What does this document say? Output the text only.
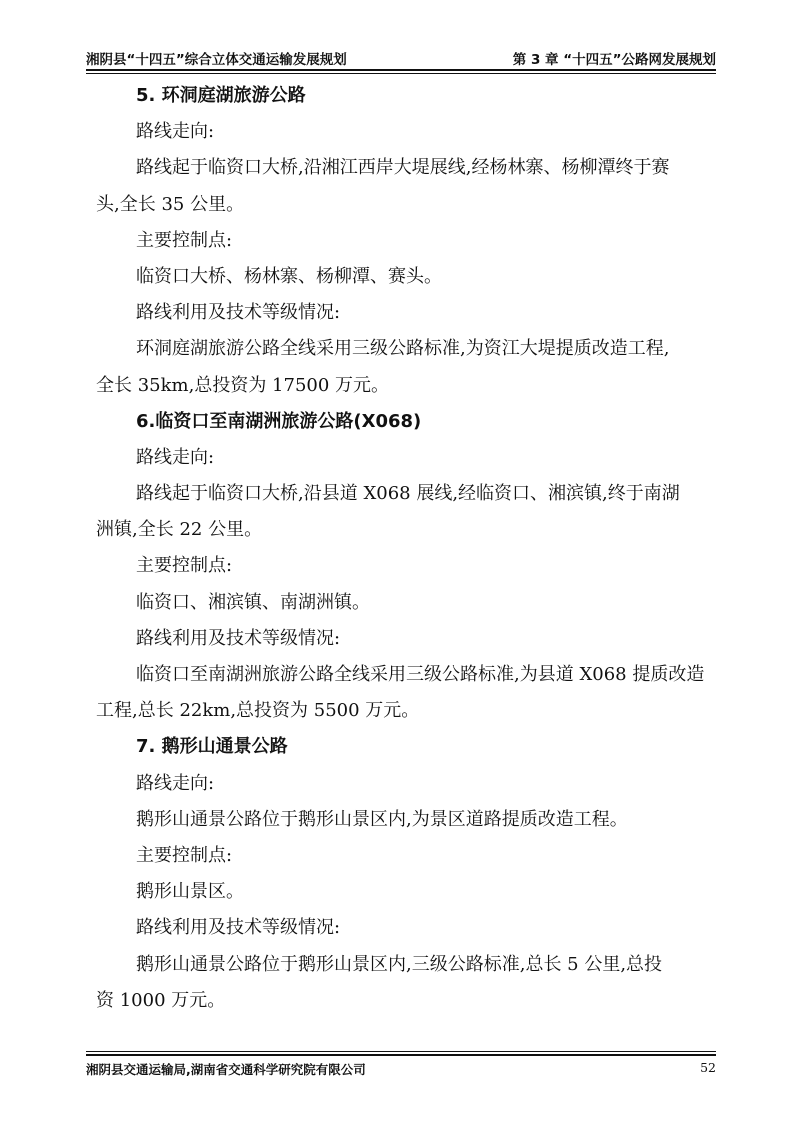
湘阴县“十四五”综合立体交通运输发展规划	第 3 章 “十四五”公路网发展规划
5. 环洞庭湖旅游公路
路线走向:
路线起于临资口大桥,沿湘江西岸大堤展线,经杨林寨、杨柳潭终于赛
头,全长 35 公里。
主要控制点:
临资口大桥、杨林寨、杨柳潭、赛头。
路线利用及技术等级情况:
环洞庭湖旅游公路全线采用三级公路标准,为资江大堤提质改造工程,
全长 35km,总投资为 17500 万元。
6.临资口至南湖洲旅游公路(X068)
路线走向:
路线起于临资口大桥,沿县道 X068 展线,经临资口、湘滨镇,终于南湖
洲镇,全长 22 公里。
主要控制点:
临资口、湘滨镇、南湖洲镇。
路线利用及技术等级情况:
临资口至南湖洲旅游公路全线采用三级公路标准,为县道 X068 提质改造
工程,总长 22km,总投资为 5500 万元。
7. 鹅形山通景公路
路线走向:
鹅形山通景公路位于鹅形山景区内,为景区道路提质改造工程。
主要控制点:
鹅形山景区。
路线利用及技术等级情况:
鹅形山通景公路位于鹅形山景区内,三级公路标准,总长 5 公里,总投
资 1000 万元。
湘阴县交通运输局,湖南省交通科学研究院有限公司	52
